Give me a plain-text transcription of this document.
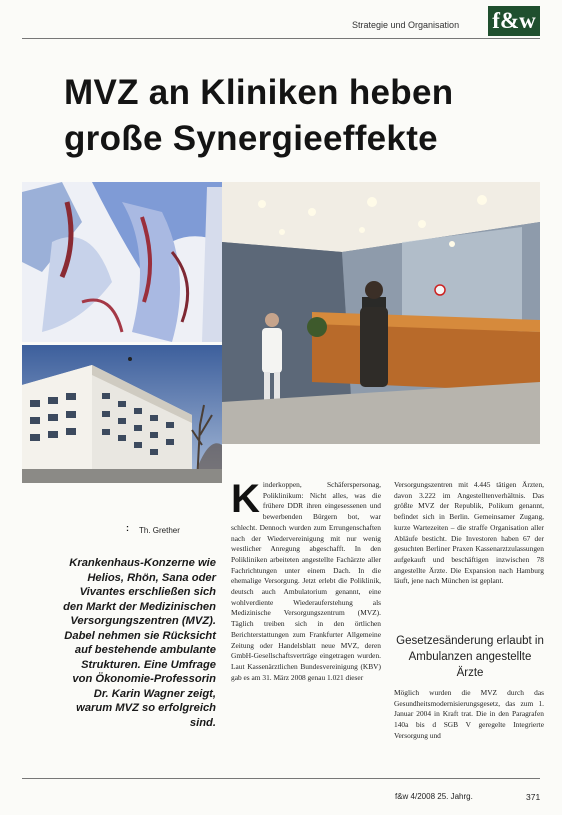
Strategie und Organisation f&w
MVZ an Kliniken heben
große Synergieeffekte
: Th. Grether
Krankenhaus-Konzerne wie Helios, Rhön, Sana oder Vivantes erschließen sich den Markt der Medizinischen Versorgungszentren (MVZ). Dabel nehmen sie Rücksicht auf bestehende ambulante Strukturen. Eine Umfrage von Ökonomie-Professorin Dr. Karin Wagner zeigt, warum MVZ so erfolgreich sind.
Kinderkoppen, Schäferspersonag, Poliklinikum: Nicht alles, was die frühere DDR ihren eingesessenen und bewerbenden Bürgern bot, war schlecht. Dennoch wurden zum Errungenschaften nach der Wiedervereinigung mit nur wenig westlicher Anregung abgeschafft. In den Polikliniken arbeiteten angestellte Fachärzte aller Fachrichtungen unter einem Dach. In die ehemalige Versorgung. Jetzt erlebt die Poliklinik, deutsch auch Ambulatorium genannt, eine wohlverdiente Wiederauferstehung als Medizinische Versorgungszentrum (MVZ). Täglich treiben sich in den örtlichen Berichterstattungen zum Frankfurter Allgemeine Zeitung oder Handelsblatt neue MVZ, deren GmbH-Gesellschaftsverträge eingetragen wurden. Laut Kassenärztlichen Bundesvereinigung (KBV) gab es am 31. März 2008 genau 1.021 dieser
Versorgungszentren mit 4.445 tätigen Ärzten, davon 3.222 im Angestelltenverhältnis. Das größte MVZ der Republik, Polikum genannt, befindet sich in Berlin. Gemeinsamer Zugang, kurze Wartezeiten – die straffe Organisation aller Abläufe besticht. Die Investoren haben 67 der gesuchten Berliner Praxen Kassenarztzulassungen aufgekauft und beschäftigen inzwischen 78 angestellte Ärzte. Die Expansion nach Hamburg läuft, jene nach München ist geplant.
Gesetzesänderung erlaubt in Ambulanzen angestellte Ärzte
Möglich wurden die MVZ durch das Gesundheitsmodernisierungsgesetz, das zum 1. Januar 2004 in Kraft trat. Die in den Paragrafen 140a bis d SGB V geregelte Integrierte Versorgung und
f&w 4/2008 25. Jahrg.	371
